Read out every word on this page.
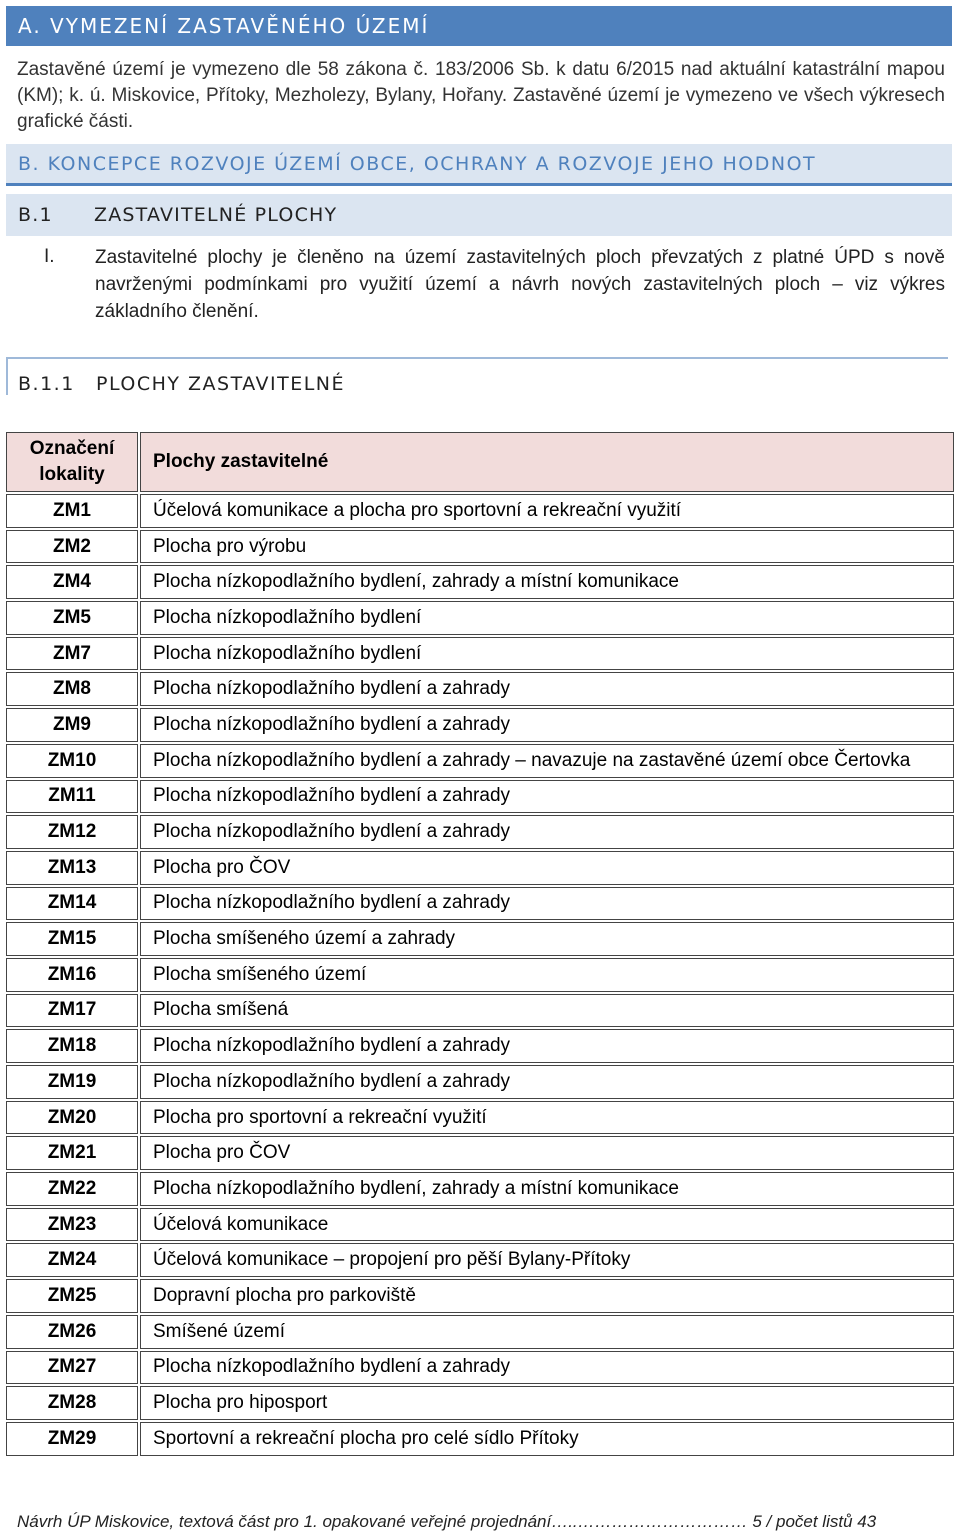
A. VYMEZENÍ ZASTAVĚNÉHO ÚZEMÍ
Zastavěné území je vymezeno dle 58 zákona č. 183/2006 Sb. k datu 6/2015 nad aktuální katastrální mapou (KM); k. ú. Miskovice, Přítoky, Mezholezy, Bylany, Hořany. Zastavěné území je vymezeno ve všech výkresech grafické části.
B. KONCEPCE ROZVOJE ÚZEMÍ OBCE, OCHRANY A ROZVOJE JEHO HODNOT
B.1	ZASTAVITELNÉ PLOCHY
I. Zastavitelné plochy je členěno na území zastavitelných ploch převzatých z platné ÚPD s nově navrženými podmínkami pro využití území a návrh nových zastavitelných ploch – viz výkres základního členění.
B.1.1	PLOCHY ZASTAVITELNÉ
Označení lokality	Plochy zastavitelné
ZM1	Účelová komunikace a plocha pro sportovní a rekreační využití
ZM2	Plocha pro výrobu
ZM4	Plocha nízkopodlažního bydlení, zahrady a místní komunikace
ZM5	Plocha nízkopodlažního bydlení
ZM7	Plocha nízkopodlažního bydlení
ZM8	Plocha nízkopodlažního bydlení a zahrady
ZM9	Plocha nízkopodlažního bydlení a zahrady
ZM10	Plocha nízkopodlažního bydlení a zahrady – navazuje na zastavěné území obce Čertovka
ZM11	Plocha nízkopodlažního bydlení a zahrady
ZM12	Plocha nízkopodlažního bydlení a zahrady
ZM13	Plocha pro ČOV
ZM14	Plocha nízkopodlažního bydlení a zahrady
ZM15	Plocha smíšeného území a zahrady
ZM16	Plocha smíšeného území
ZM17	Plocha smíšená
ZM18	Plocha nízkopodlažního bydlení a zahrady
ZM19	Plocha nízkopodlažního bydlení a zahrady
ZM20	Plocha pro sportovní a rekreační využití
ZM21	Plocha pro ČOV
ZM22	Plocha nízkopodlažního bydlení, zahrady a místní komunikace
ZM23	Účelová komunikace
ZM24	Účelová komunikace – propojení pro pěší Bylany-Přítoky
ZM25	Dopravní plocha pro parkoviště
ZM26	Smíšené území
ZM27	Plocha nízkopodlažního bydlení a zahrady
ZM28	Plocha pro hiposport
ZM29	Sportovní a rekreační plocha pro celé sídlo Přítoky
Návrh ÚP Miskovice, textová část pro 1. opakované veřejné projednání…..………………………… 5 / počet listů 43
